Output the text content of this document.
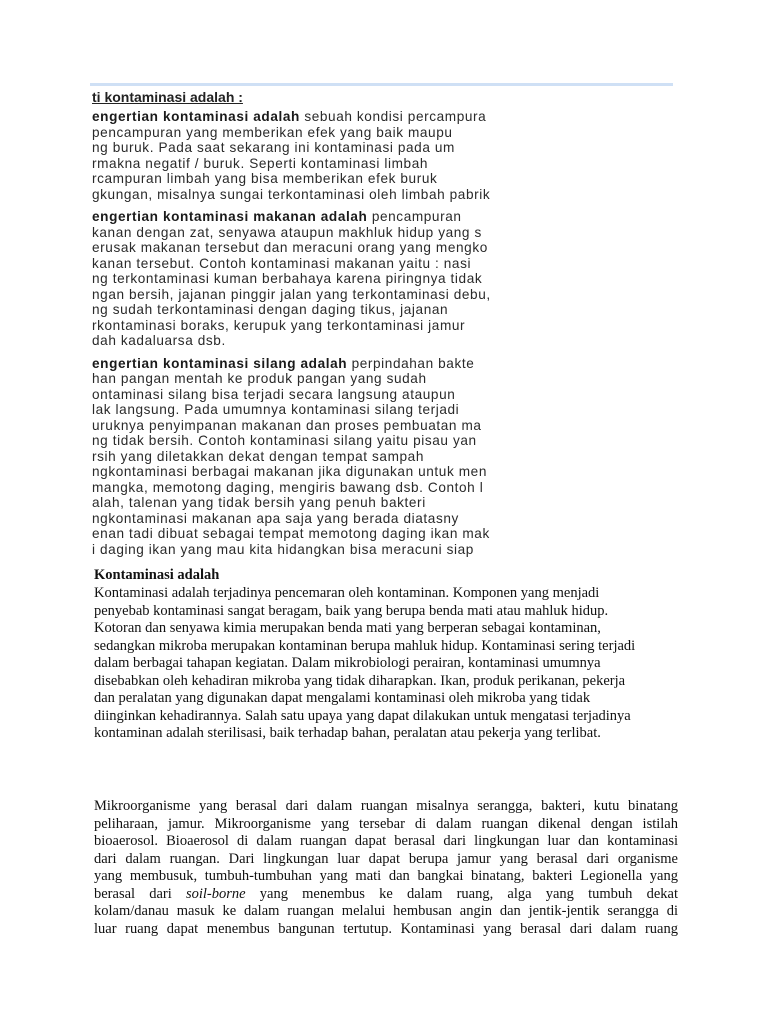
ti kontaminasi adalah :
engertian kontaminasi adalah sebuah kondisi percampura
pencampuran yang memberikan efek yang baik maupu
ng buruk. Pada saat sekarang ini kontaminasi pada um
rmakna negatif / buruk. Seperti kontaminasi limbah
rcampuran limbah yang bisa memberikan efek buruk
gkungan, misalnya sungai terkontaminasi oleh limbah pabrik
engertian kontaminasi makanan adalah pencampuran
kanan dengan zat, senyawa ataupun makhluk hidup yang s
erusak makanan tersebut dan meracuni orang yang mengko
kanan tersebut. Contoh kontaminasi makanan yaitu : nasi
ng terkontaminasi kuman berbahaya karena piringnya tidak
ngan bersih, jajanan pinggir jalan yang terkontaminasi debu,
ng sudah terkontaminasi dengan daging tikus, jajanan
rkontaminasi boraks, kerupuk yang terkontaminasi jamur
dah kadaluarsa dsb.
engertian kontaminasi silang adalah perpindahan bakte
han pangan mentah ke produk pangan yang sudah
ontaminasi silang bisa terjadi secara langsung ataupun
lak langsung. Pada umumnya kontaminasi silang terjadi
uruknya penyimpanan makanan dan proses pembuatan ma
ng tidak bersih. Contoh kontaminasi silang yaitu pisau yan
rsih yang diletakkan dekat dengan tempat sampah
ngkontaminasi berbagai makanan jika digunakan untuk men
mangka, memotong daging, mengiris bawang dsb. Contoh l
alah, talenan yang tidak bersih yang penuh bakteri
ngkontaminasi makanan apa saja yang berada diatasny
enan tadi dibuat sebagai tempat memotong daging ikan mak
i daging ikan yang mau kita hidangkan bisa meracuni siap
Kontaminasi adalah
Kontaminasi adalah terjadinya pencemaran oleh kontaminan. Komponen yang menjadi
penyebab kontaminasi sangat beragam, baik yang berupa benda mati atau mahluk hidup.
Kotoran dan senyawa kimia merupakan benda mati yang berperan sebagai kontaminan,
sedangkan mikroba merupakan kontaminan berupa mahluk hidup. Kontaminasi sering terjadi
dalam berbagai tahapan kegiatan. Dalam mikrobiologi perairan, kontaminasi umumnya
disebabkan oleh kehadiran mikroba yang tidak diharapkan. Ikan, produk perikanan, pekerja
dan peralatan yang digunakan dapat mengalami kontaminasi oleh mikroba yang tidak
diinginkan kehadirannya. Salah satu upaya yang dapat dilakukan untuk mengatasi terjadinya
kontaminan adalah sterilisasi, baik terhadap bahan, peralatan atau pekerja yang terlibat.
Mikroorganisme yang berasal dari dalam ruangan misalnya serangga, bakteri, kutu binatang
peliharaan, jamur. Mikroorganisme yang tersebar di dalam ruangan dikenal dengan istilah
bioaerosol. Bioaerosol di dalam ruangan dapat berasal dari lingkungan luar dan kontaminasi
dari dalam ruangan. Dari lingkungan luar dapat berupa jamur yang berasal dari organisme
yang membusuk, tumbuh-tumbuhan yang mati dan bangkai binatang, bakteri Legionella yang
berasal dari soil-borne yang menembus ke dalam ruang, alga yang tumbuh dekat
kolam/danau masuk ke dalam ruangan melalui hembusan angin dan jentik-jentik serangga di
luar ruang dapat menembus bangunan tertutup. Kontaminasi yang berasal dari dalam ruang
